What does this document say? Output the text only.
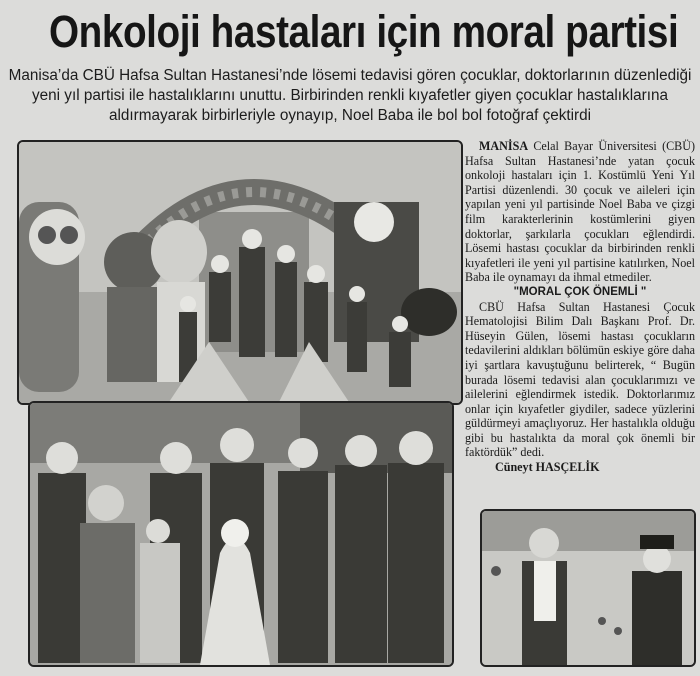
Onkoloji hastaları için moral partisi
Manisa’da CBÜ Hafsa Sultan Hastanesi’nde lösemi tedavisi gören çocuklar, doktorlarının düzenlediği yeni yıl partisi ile hastalıklarını unuttu. Birbirinden renkli kıyafetler giyen çocuklar hastalıklarına aldırmayarak birbirleriyle oynayıp, Noel Baba ile bol bol fotoğraf çektirdi

MANİSA Celal Bayar Üniversitesi (CBÜ) Hafsa Sultan Hastanesi’nde yatan çocuk onkoloji hastaları için 1. Kostümlü Yeni Yıl Partisi düzenlendi. 30 çocuk ve aileleri için yapılan yeni yıl partisinde Noel Baba ve çizgi film karakterlerinin kostümlerini giyen doktorlar, şarkılarla çocukları eğlendirdi. Lösemi hastası çocuklar da birbirinden renkli kıyafetleri ile yeni yıl partisine katılırken, Noel Baba ile oynamayı da ihmal etmediler.

"MORAL ÇOK ÖNEMLİ "

CBÜ Hafsa Sultan Hastanesi Çocuk Hematolojisi Bilim Dalı Başkanı Prof. Dr. Hüseyin Gülen, lösemi hastası çocukların tedavilerini aldıkları bölümün eskiye göre daha iyi şartlara kavuştuğunu belirterek, “ Bugün burada lösemi tedavisi alan çocuklarımızı ve ailelerini eğlendirmek istedik. Doktorlarımız onlar için kıyafetler giydiler, sadece yüzlerini güldürmeyi amaçlıyoruz. Her hastalıkla olduğu gibi bu hastalıkta da moral çok önemli bir faktördük” dedi.

Cüneyt HASÇELİK
